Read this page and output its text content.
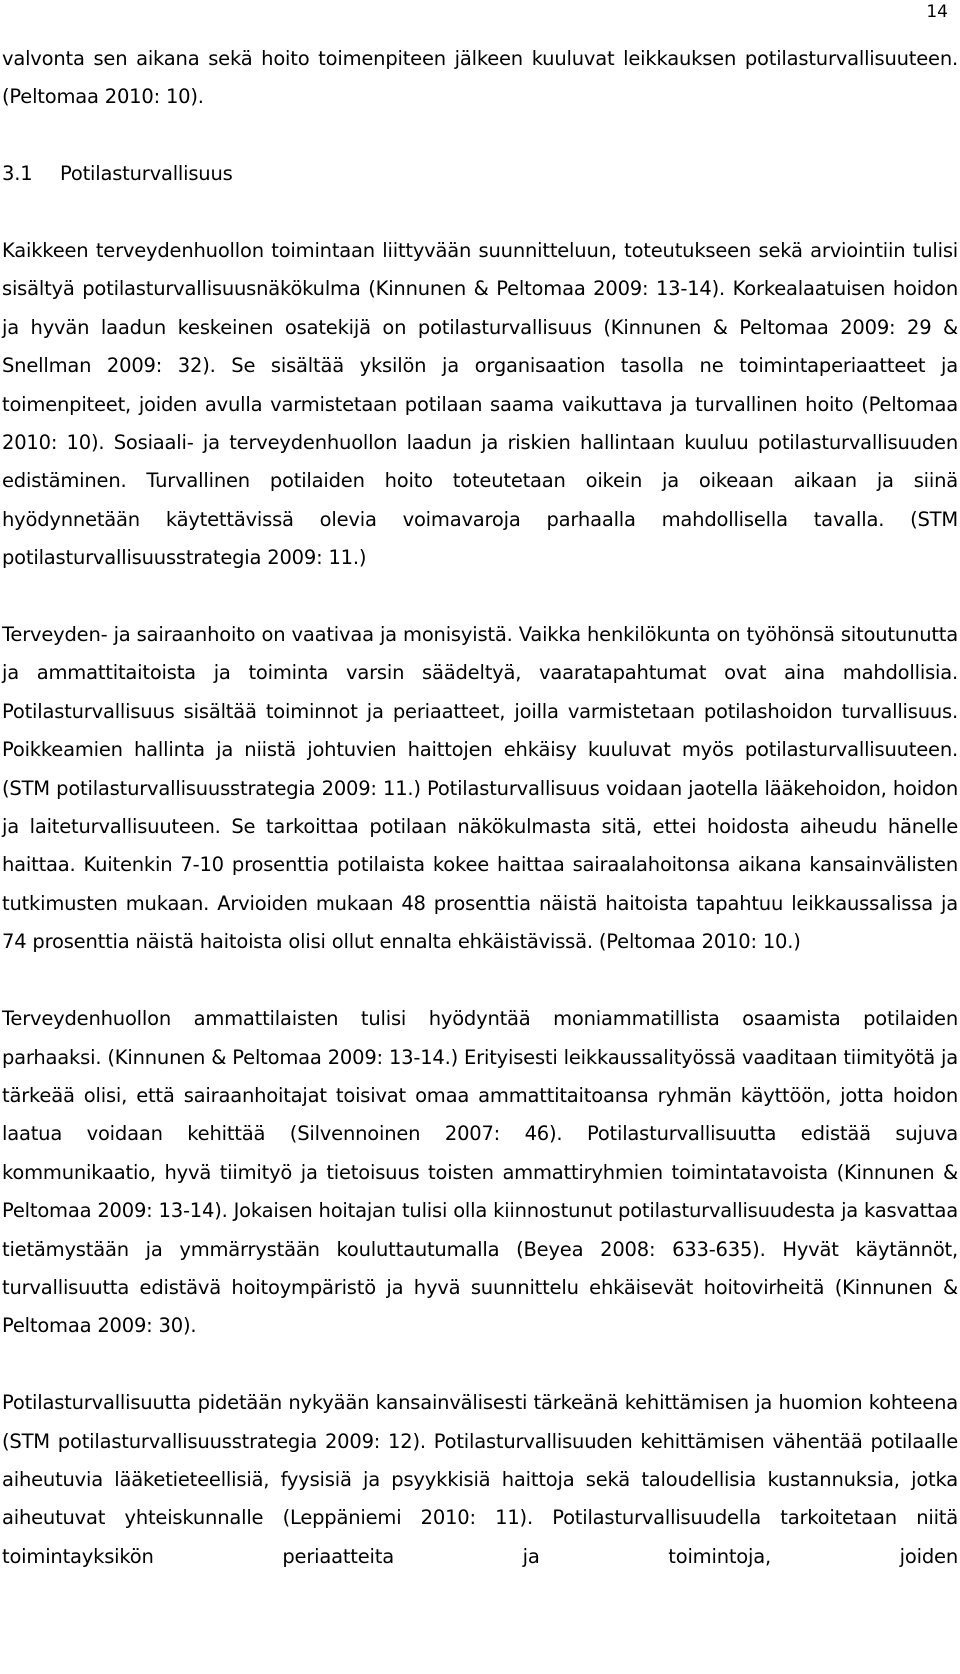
14

valvonta sen aikana sekä hoito toimenpiteen jälkeen kuuluvat leikkauksen potilasturvallisuuteen. (Peltomaa 2010: 10).

3.1 Potilasturvallisuus

Kaikkeen terveydenhuollon toimintaan liittyvään suunnitteluun, toteutukseen sekä arviointiin tulisi sisältyä potilasturvallisuusnäkökulma (Kinnunen & Peltomaa 2009: 13-14). Korkealaatuisen hoidon ja hyvän laadun keskeinen osatekijä on potilasturvallisuus (Kinnunen & Peltomaa 2009: 29 & Snellman 2009: 32). Se sisältää yksilön ja organisaation tasolla ne toimintaperiaatteet ja toimenpiteet, joiden avulla varmistetaan potilaan saama vaikuttava ja turvallinen hoito (Peltomaa 2010: 10). Sosiaali- ja terveydenhuollon laadun ja riskien hallintaan kuuluu potilasturvallisuuden edistäminen. Turvallinen potilaiden hoito toteutetaan oikein ja oikeaan aikaan ja siinä hyödynnetään käytettävissä olevia voimavaroja parhaalla mahdollisella tavalla. (STM potilasturvallisuusstrategia 2009: 11.)

Terveyden- ja sairaanhoito on vaativaa ja monisyistä. Vaikka henkilökunta on työhönsä sitoutunutta ja ammattitaitoista ja toiminta varsin säädeltyä, vaaratapahtumat ovat aina mahdollisia. Potilasturvallisuus sisältää toiminnot ja periaatteet, joilla varmistetaan potilashoidon turvallisuus. Poikkeamien hallinta ja niistä johtuvien haittojen ehkäisy kuuluvat myös potilasturvallisuuteen. (STM potilasturvallisuusstrategia 2009: 11.) Potilasturvallisuus voidaan jaotella lääkehoidon, hoidon ja laiteturvallisuuteen. Se tarkoittaa potilaan näkökulmasta sitä, ettei hoidosta aiheudu hänelle haittaa. Kuitenkin 7-10 prosenttia potilaista kokee haittaa sairaalahoitonsa aikana kansainvälisten tutkimusten mukaan. Arvioiden mukaan 48 prosenttia näistä haitoista tapahtuu leikkaussalissa ja 74 prosenttia näistä haitoista olisi ollut ennalta ehkäistävissä. (Peltomaa 2010: 10.)

Terveydenhuollon ammattilaisten tulisi hyödyntää moniammatillista osaamista potilaiden parhaaksi. (Kinnunen & Peltomaa 2009: 13-14.) Erityisesti leikkaussalityössä vaaditaan tiimityötä ja tärkeää olisi, että sairaanhoitajat toisivat omaa ammattitaitoansa ryhmän käyttöön, jotta hoidon laatua voidaan kehittää (Silvennoinen 2007: 46). Potilasturvallisuutta edistää sujuva kommunikaatio, hyvä tiimityö ja tietoisuus toisten ammattiryhmien toimintatavoista (Kinnunen & Peltomaa 2009: 13-14). Jokaisen hoitajan tulisi olla kiinnostunut potilasturvallisuudesta ja kasvattaa tietämystään ja ymmärrystään kouluttautumalla (Beyea 2008: 633-635). Hyvät käytännöt, turvallisuutta edistävä hoitoympäristö ja hyvä suunnittelu ehkäisevät hoitovirheitä (Kinnunen & Peltomaa 2009: 30).

Potilasturvallisuutta pidetään nykyään kansainvälisesti tärkeänä kehittämisen ja huomion kohteena (STM potilasturvallisuusstrategia 2009: 12). Potilasturvallisuuden kehittämisen vähentää potilaalle aiheutuvia lääketieteellisiä, fyysisiä ja psyykkisiä haittoja sekä taloudellisia kustannuksia, jotka aiheutuvat yhteiskunnalle (Leppäniemi 2010: 11). Potilasturvallisuudella tarkoitetaan niitä toimintayksikön periaatteita ja toimintoja, joiden
